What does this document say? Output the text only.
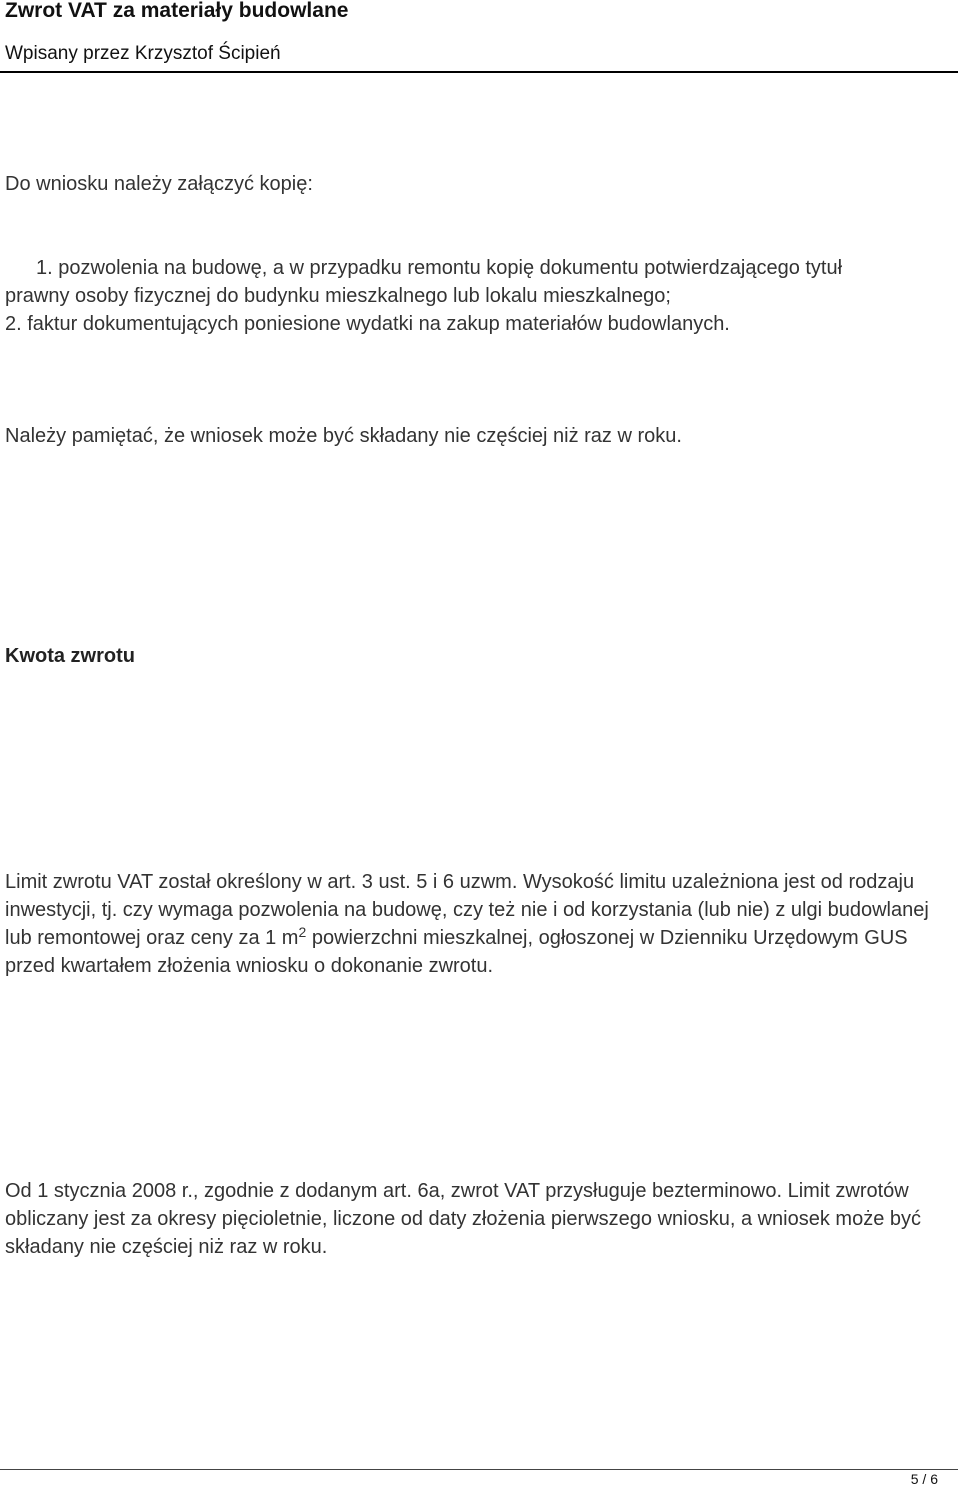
Zwrot VAT za materiały budowlane
Wpisany przez Krzysztof Ścipień
Do wniosku należy załączyć kopię:
1. pozwolenia na budowę, a w przypadku remontu kopię dokumentu potwierdzającego tytuł
prawny osoby fizycznej do budynku mieszkalnego lub lokalu mieszkalnego;
2. faktur dokumentujących poniesione wydatki na zakup materiałów budowlanych.
Należy pamiętać, że wniosek może być składany nie częściej niż raz w roku.
Kwota zwrotu
Limit zwrotu VAT został określony w art. 3 ust. 5 i 6 uzwm. Wysokość limitu uzależniona jest od rodzaju inwestycji, tj. czy wymaga pozwolenia na budowę, czy też nie i od korzystania (lub nie) z ulgi budowlanej lub remontowej oraz ceny za 1 $m^2$ powierzchni mieszkalnej, ogłoszonej w Dzienniku Urzędowym GUS przed kwartałem złożenia wniosku o dokonanie zwrotu.
Od 1 stycznia 2008 r., zgodnie z dodanym art. 6a, zwrot VAT przysługuje bezterminowo. Limit zwrotów obliczany jest za okresy pięcioletnie, liczone od daty złożenia pierwszego wniosku, a wniosek może być składany nie częściej niż raz w roku.
5 / 6
